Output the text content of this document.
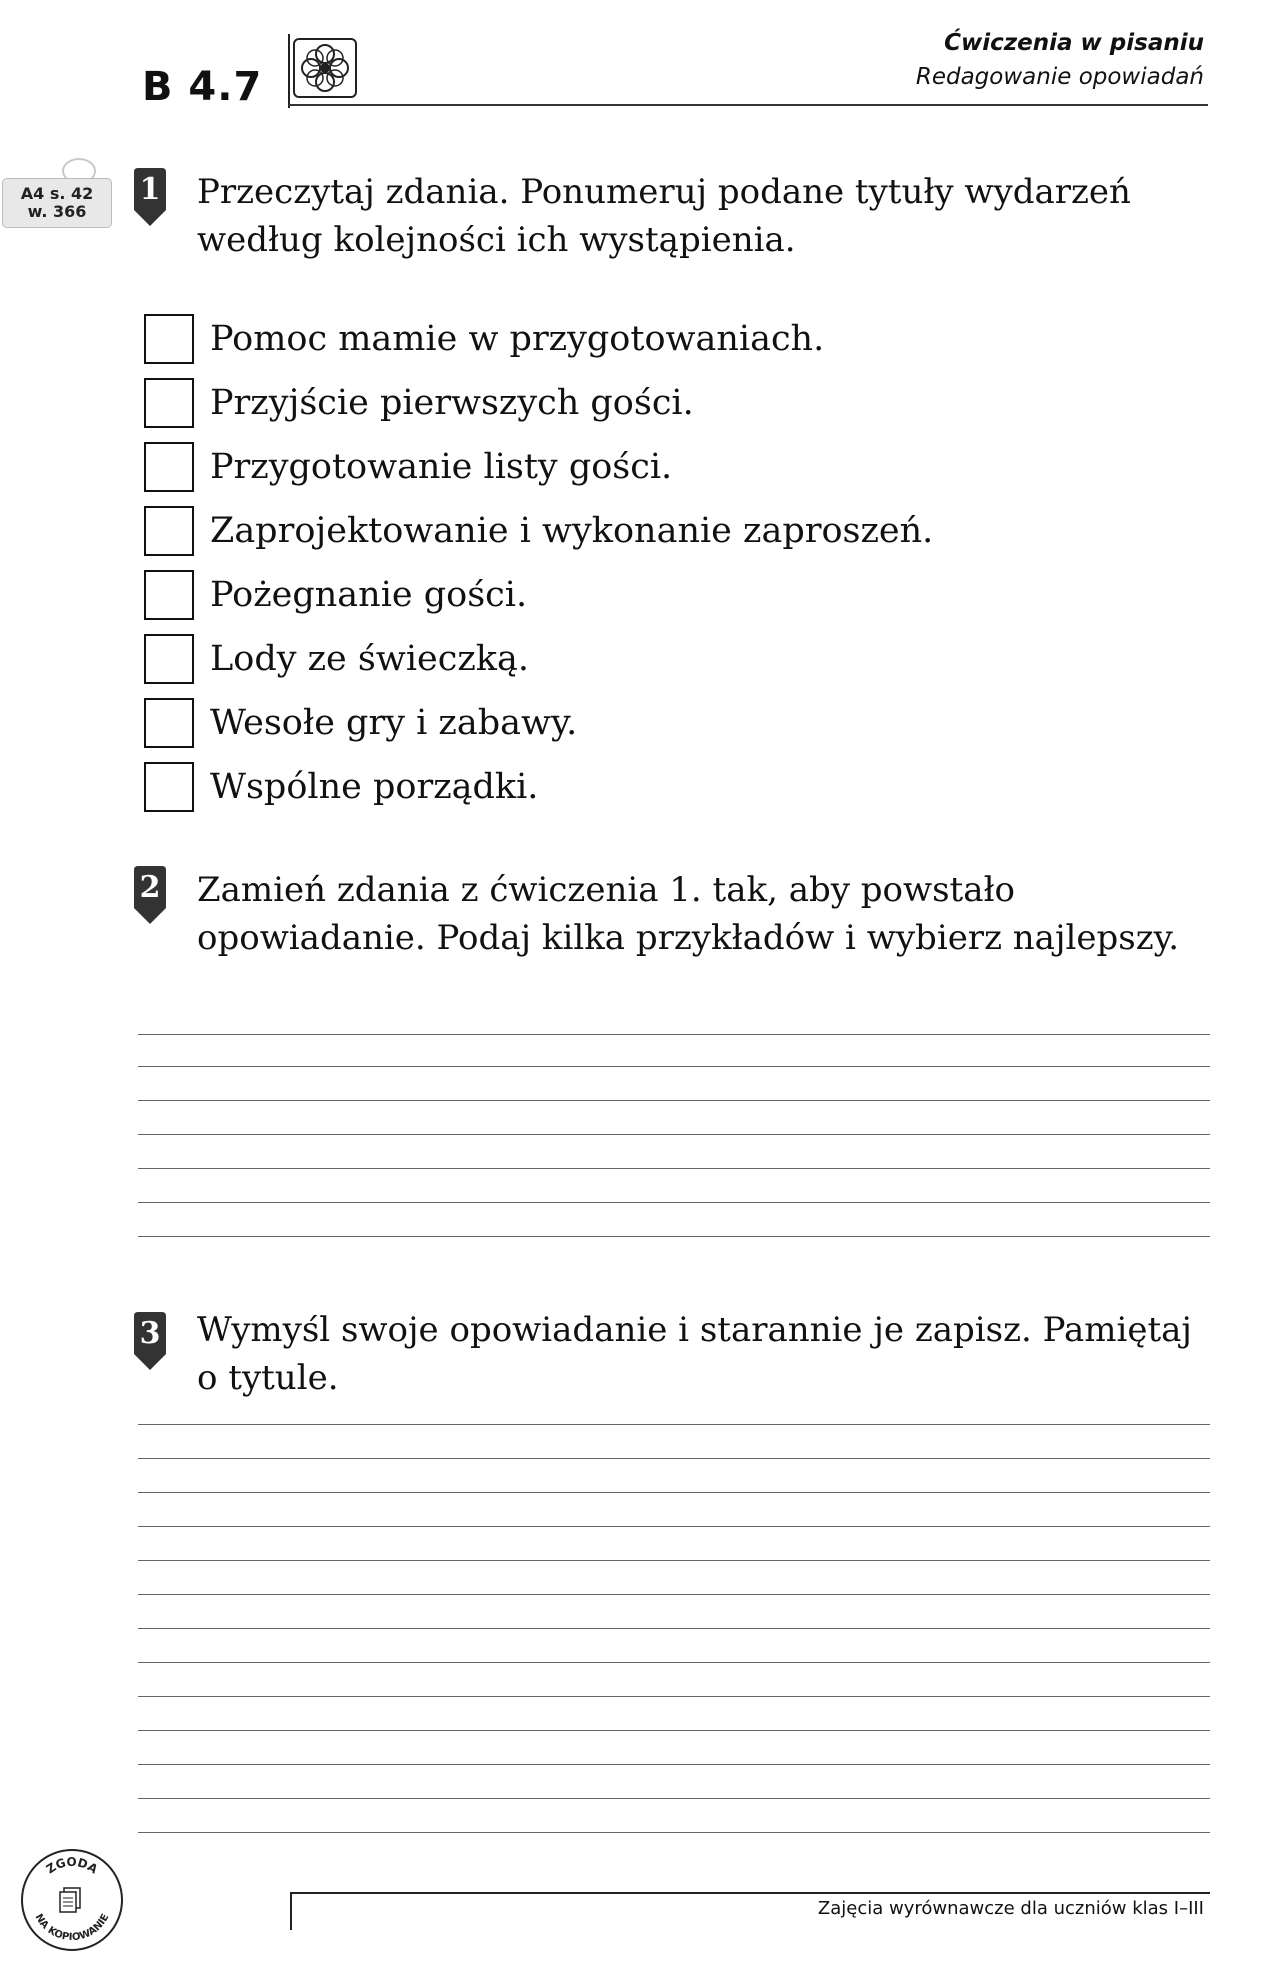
B 4.7
Ćwiczenia w pisaniu
Redagowanie opowiadań
A4 s. 42
w. 366
1 Przeczytaj zdania. Ponumeruj podane tytuły wydarzeń według kolejności ich wystąpienia.
Pomoc mamie w przygotowaniach.
Przyjście pierwszych gości.
Przygotowanie listy gości.
Zaprojektowanie i wykonanie zaproszeń.
Pożegnanie gości.
Lody ze świeczką.
Wesołe gry i zabawy.
Wspólne porządki.
2 Zamień zdania z ćwiczenia 1. tak, aby powstało opowiadanie. Podaj kilka przykładów i wybierz najlepszy.
3 Wymyśl swoje opowiadanie i starannie je zapisz. Pamiętaj o tytule.
ZGODA
NA KOPIOWANIE	Zajęcia wyrównawcze dla uczniów klas I–III
